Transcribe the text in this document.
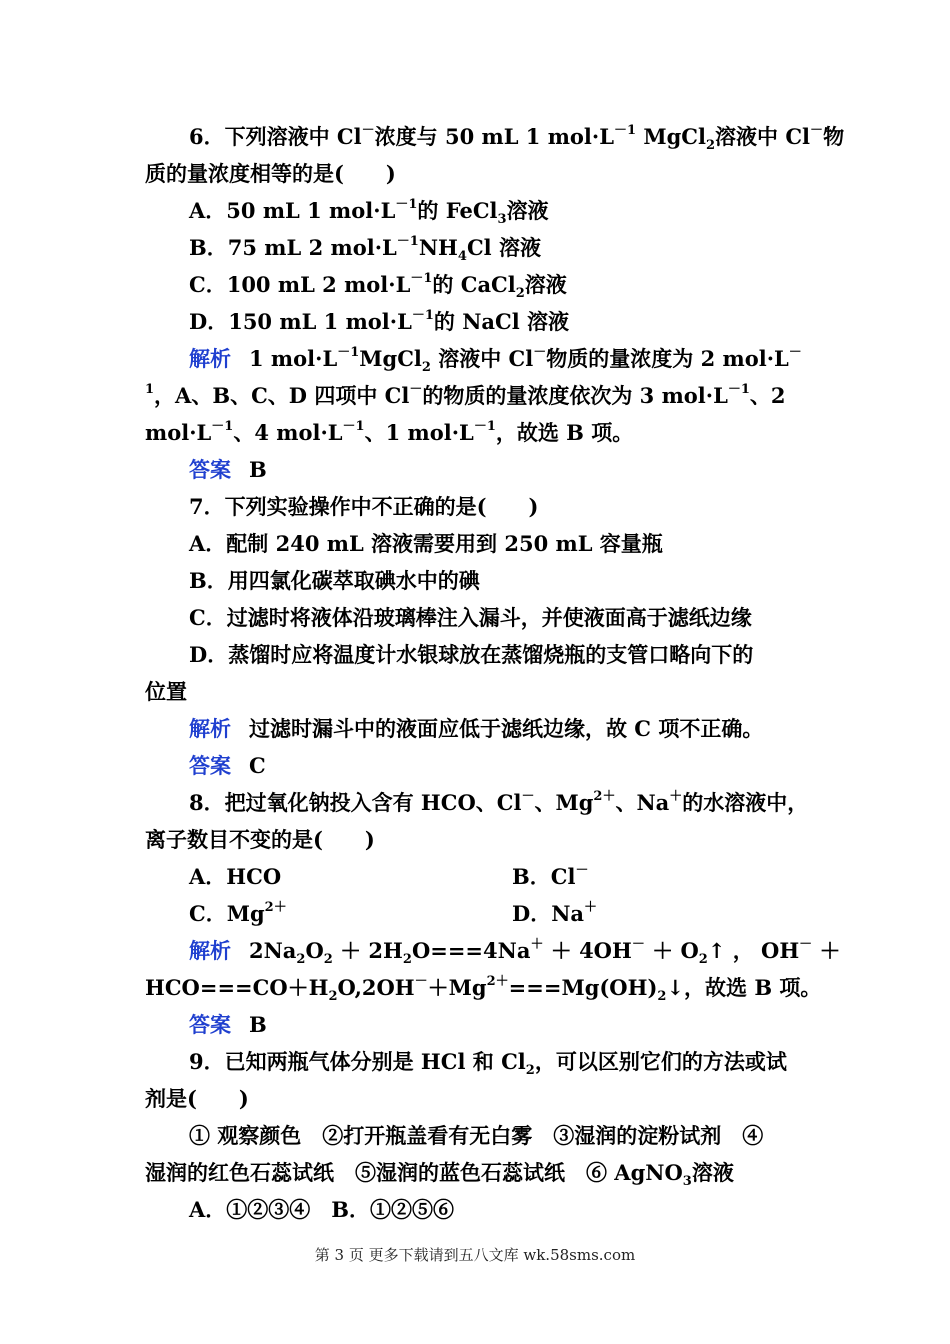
6．下列溶液中 Cl－浓度与 50 mL 1 $mol\cdot L^{-1}$ MgCl$_2$溶液中 Cl－物
质的量浓度相等的是(　　)
A．50 mL 1 $mol\cdot L^{-1}$的 FeCl$_3$溶液
B．75 mL 2 $mol\cdot L^{-1}NH_4Cl$ 溶液
C．100 mL 2 $mol\cdot L^{-1}$的 CaCl$_2$溶液
D．150 mL 1 $mol\cdot L^{-1}$的 NaCl 溶液
解析 1 $mol\cdot L^{-1}MgCl_2$ 溶液中 Cl－物质的量浓度为 2 mol·L－
$^1$，A、B、C、D 四项中 Cl－的物质的量浓度依次为 3 $mol\cdot L^{-1}$、2
$mol\cdot L^{-1}$、4 $mol\cdot L^{-1}$、1 $mol\cdot L^{-1}$，故选 B 项。
答案 B
7．下列实验操作中不正确的是(　　)
A．配制 240 mL 溶液需要用到 250 mL 容量瓶
B．用四氯化碳萃取碘水中的碘
C．过滤时将液体沿玻璃棒注入漏斗，并使液面高于滤纸边缘
D．蒸馏时应将温度计水银球放在蒸馏烧瓶的支管口略向下的
位置
解析 过滤时漏斗中的液面应低于滤纸边缘，故 C 项不正确。
答案 C
8．把过氧化钠投入含有 HCO、Cl－、$Mg^{2+}$、Na＋的水溶液中，
离子数目不变的是(　　)
A．HCO	B．Cl－
C．$Mg^{2+}$	D．Na＋
解析 $2Na_2O_2 + 2H_2O===4Na^+ + 4OH^-$ ＋ $O_2↑$ ， OH－ ＋
$HCO===CO+H_2O,2OH^-+Mg^{2+}===Mg(OH)_2↓$，故选 B 项。
答案 B
9．已知两瓶气体分别是 HCl 和 $Cl_2$，可以区别它们的方法或试
剂是(　　)
① 观察颜色　②打开瓶盖看有无白雾　③湿润的淀粉试剂　④
湿润的红色石蕊试纸　⑤湿润的蓝色石蕊试纸　⑥ AgNO$_3$溶液
A．①②③④　B．①②⑤⑥
第 3 页 更多下载请到五八文库 wk.58sms.com
